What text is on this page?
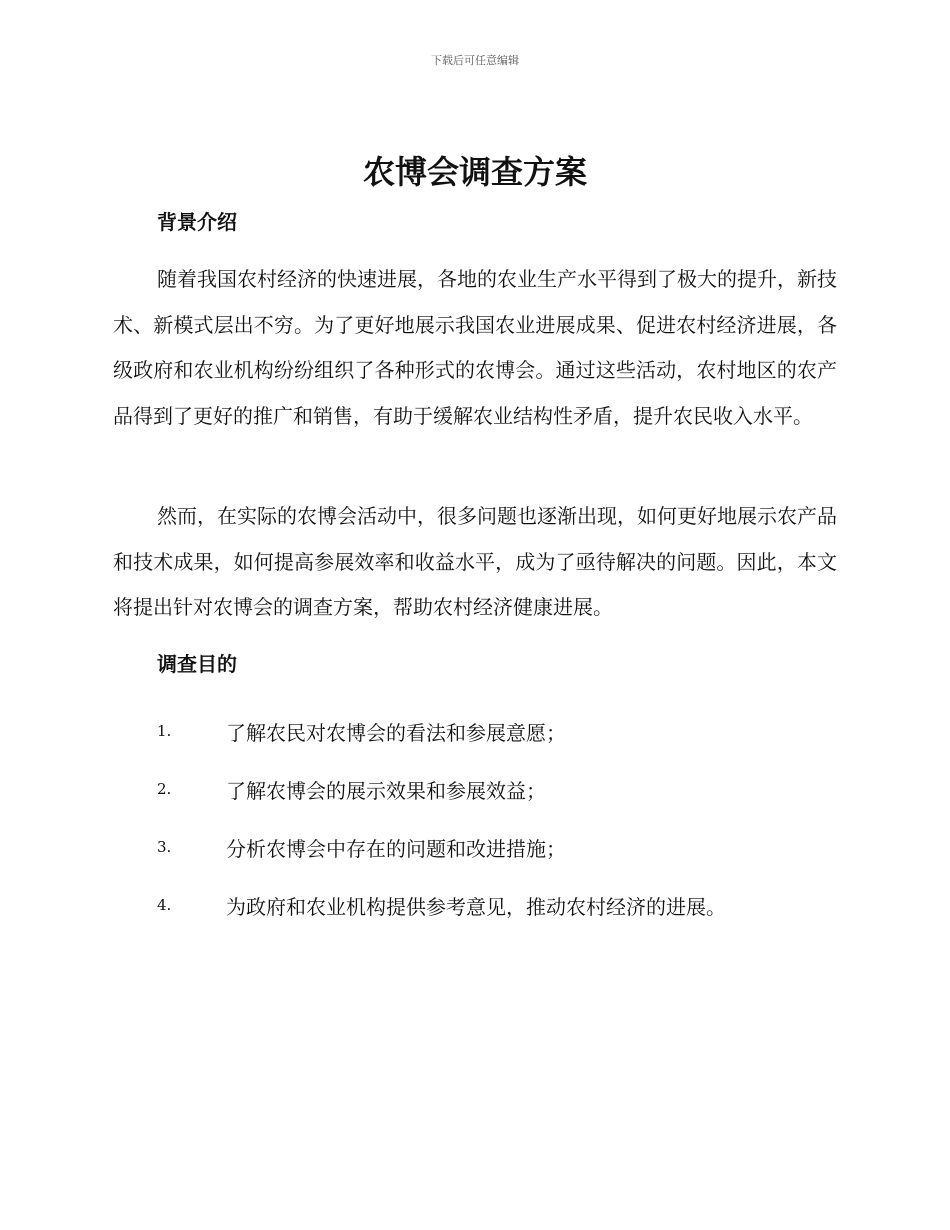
下载后可任意编辑
农博会调查方案
背景介绍

随着我国农村经济的快速进展，各地的农业生产水平得到了极大的提升，新技术、新模式层出不穷。为了更好地展示我国农业进展成果、促进农村经济进展，各级政府和农业机构纷纷组织了各种形式的农博会。通过这些活动，农村地区的农产品得到了更好的推广和销售，有助于缓解农业结构性矛盾，提升农民收入水平。

然而，在实际的农博会活动中，很多问题也逐渐出现，如何更好地展示农产品和技术成果，如何提高参展效率和收益水平，成为了亟待解决的问题。因此，本文将提出针对农博会的调查方案，帮助农村经济健康进展。

调查目的
1.	了解农民对农博会的看法和参展意愿；
2.	了解农博会的展示效果和参展效益；
3.	分析农博会中存在的问题和改进措施；
4.	为政府和农业机构提供参考意见，推动农村经济的进展。
